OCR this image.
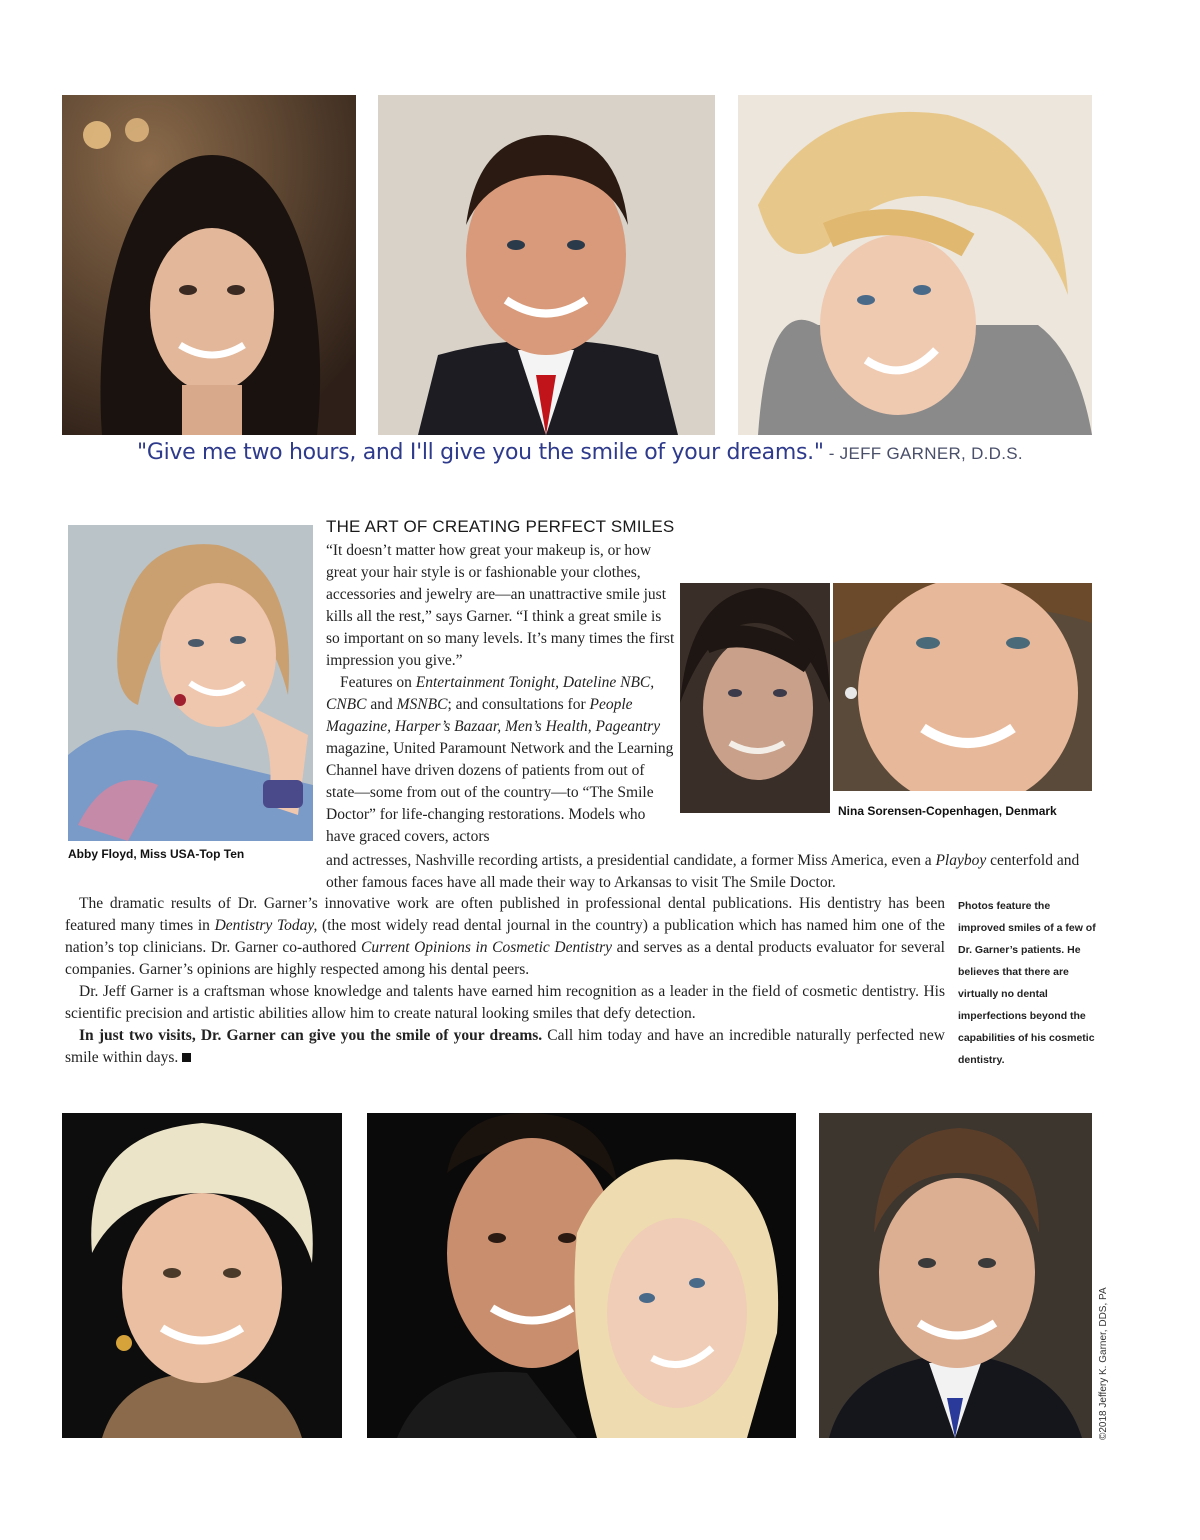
"Give me two hours, and I'll give you the smile of your dreams." - JEFF GARNER, D.D.S.
Abby Floyd, Miss USA-Top Ten
Nina Sorensen-Copenhagen, Denmark
THE ART OF CREATING PERFECT SMILES

“It doesn’t matter how great your makeup is, or how great your hair style is or fashionable your clothes, accessories and jewelry are—an unattractive smile just kills all the rest,” says Garner. “I think a great smile is so important on so many levels. It’s many times the first impression you give.”

Features on Entertainment Tonight, Dateline NBC, CNBC and MSNBC; and consultations for People Magazine, Harper’s Bazaar, Men’s Health, Pageantry magazine, United Paramount Network and the Learning Channel have driven dozens of patients from out of state—some from out of the country—to “The Smile Doctor” for life-changing restorations. Models who have graced covers, actors

and actresses, Nashville recording artists, a presidential candidate, a former Miss America, even a Playboy centerfold and other famous faces have all made their way to Arkansas to visit The Smile Doctor.

The dramatic results of Dr. Garner’s innovative work are often published in professional dental publications. His dentistry has been featured many times in Dentistry Today, (the most widely read dental journal in the country) a publication which has named him one of the nation’s top clinicians. Dr. Garner co-authored Current Opinions in Cosmetic Dentistry and serves as a dental products evaluator for several companies. Garner’s opinions are highly respected among his dental peers.

Dr. Jeff Garner is a craftsman whose knowledge and talents have earned him recognition as a leader in the field of cosmetic dentistry. His scientific precision and artistic abilities allow him to create natural looking smiles that defy detection.

In just two visits, Dr. Garner can give you the smile of your dreams. Call him today and have an incredible naturally perfected new smile within days.

Photos feature the improved smiles of a few of Dr. Garner’s patients. He believes that there are virtually no dental imperfections beyond the capabilities of his cosmetic dentistry.
©2018 Jeffery K. Garner, DDS, PA
